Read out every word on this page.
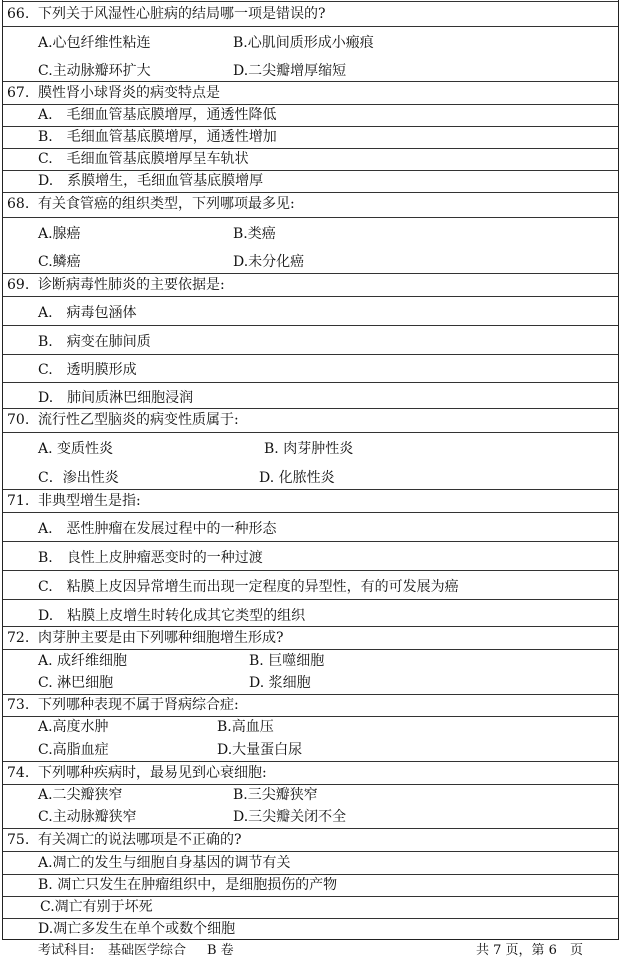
66. 下列关于风湿性心脏病的结局哪一项是错误的?
A.心包纤维性粘连	B.心肌间质形成小瘢痕
C.主动脉瓣环扩大	D.二尖瓣增厚缩短
67. 膜性肾小球肾炎的病变特点是
A.　毛细血管基底膜增厚，通透性降低
B.　毛细血管基底膜增厚，通透性增加
C.　毛细血管基底膜增厚呈车轨状
D.　系膜增生，毛细血管基底膜增厚
68. 有关食管癌的组织类型，下列哪项最多见:
A.腺癌	B.类癌
C.鳞癌	D.未分化癌
69. 诊断病毒性肺炎的主要依据是:
A.　病毒包涵体
B.　病变在肺间质
C.　透明膜形成
D.　肺间质淋巴细胞浸润
70. 流行性乙型脑炎的病变性质属于:
A. 变质性炎	B. 肉芽肿性炎
C．渗出性炎	D. 化脓性炎
71. 非典型增生是指:
A.　恶性肿瘤在发展过程中的一种形态
B.　良性上皮肿瘤恶变时的一种过渡
C.　粘膜上皮因异常增生而出现一定程度的异型性，有的可发展为癌
D.　粘膜上皮增生时转化成其它类型的组织
72. 肉芽肿主要是由下列哪种细胞增生形成?
A. 成纤维细胞	B. 巨噬细胞
C. 淋巴细胞	D. 浆细胞
73. 下列哪种表现不属于肾病综合症:
A.高度水肿	B.高血压
C.高脂血症	D.大量蛋白尿
74. 下列哪种疾病时，最易见到心衰细胞:
A.二尖瓣狭窄	B.三尖瓣狭窄
C.主动脉瓣狭窄	D.三尖瓣关闭不全
75. 有关凋亡的说法哪项是不正确的?
A.凋亡的发生与细胞自身基因的调节有关
B. 凋亡只发生在肿瘤组织中，是细胞损伤的产物
C.凋亡有别于坏死
D.凋亡多发生在单个或数个细胞
考试科目: 基础医学综合 B 卷	共 7 页，第 6　页
